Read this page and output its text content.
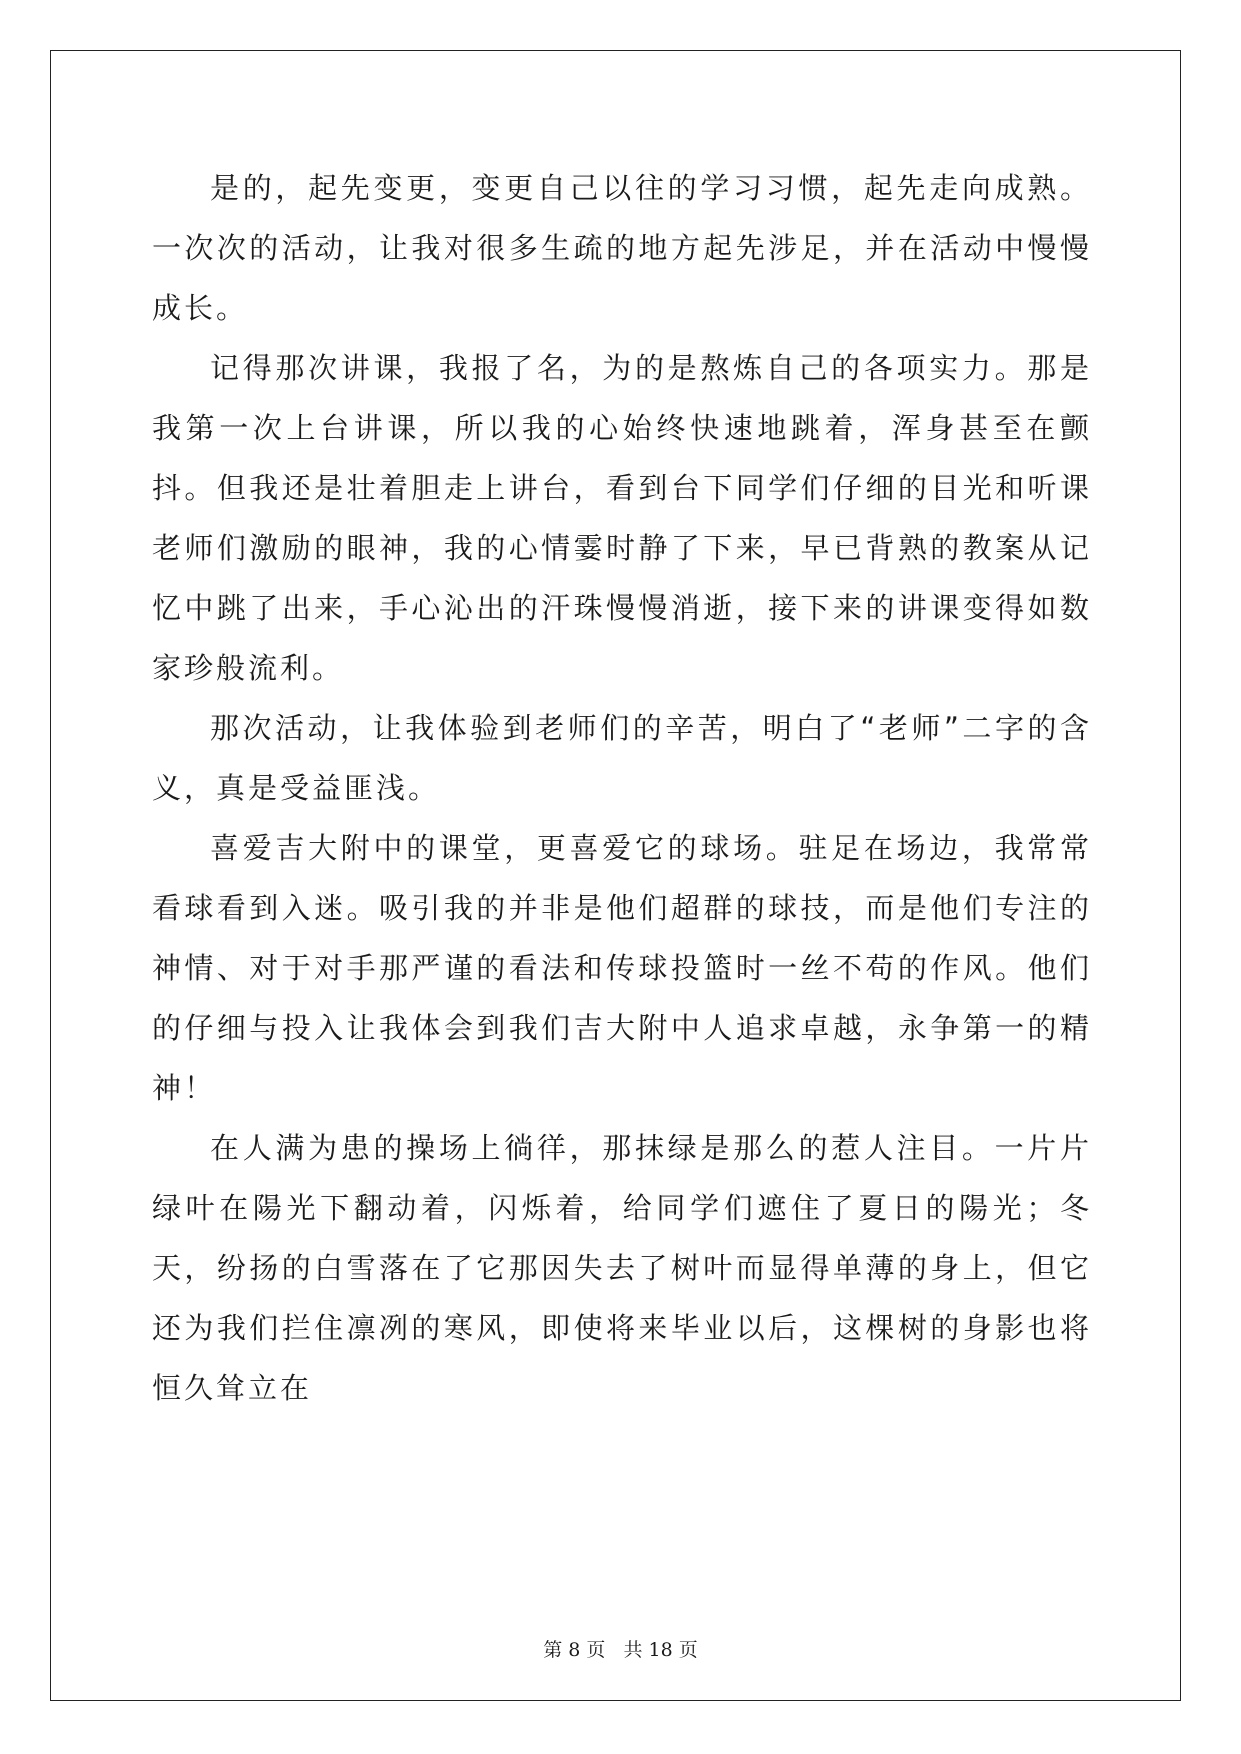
是的，起先变更，变更自己以往的学习习惯，起先走向成熟。一次次的活动，让我对很多生疏的地方起先涉足，并在活动中慢慢成长。

记得那次讲课，我报了名，为的是熬炼自己的各项实力。那是我第一次上台讲课，所以我的心始终快速地跳着，浑身甚至在颤抖。但我还是壮着胆走上讲台，看到台下同学们仔细的目光和听课老师们激励的眼神，我的心情霎时静了下来，早已背熟的教案从记忆中跳了出来，手心沁出的汗珠慢慢消逝，接下来的讲课变得如数家珍般流利。

那次活动，让我体验到老师们的辛苦，明白了“老师”二字的含义，真是受益匪浅。

喜爱吉大附中的课堂，更喜爱它的球场。驻足在场边，我常常看球看到入迷。吸引我的并非是他们超群的球技，而是他们专注的神情、对于对手那严谨的看法和传球投篮时一丝不苟的作风。他们的仔细与投入让我体会到我们吉大附中人追求卓越，永争第一的精神！

在人满为患的操场上徜徉，那抹绿是那么的惹人注目。一片片绿叶在陽光下翻动着，闪烁着，给同学们遮住了夏日的陽光；冬天，纷扬的白雪落在了它那因失去了树叶而显得单薄的身上，但它还为我们拦住凛冽的寒风，即使将来毕业以后，这棵树的身影也将恒久耸立在

第 8 页 共 18 页
